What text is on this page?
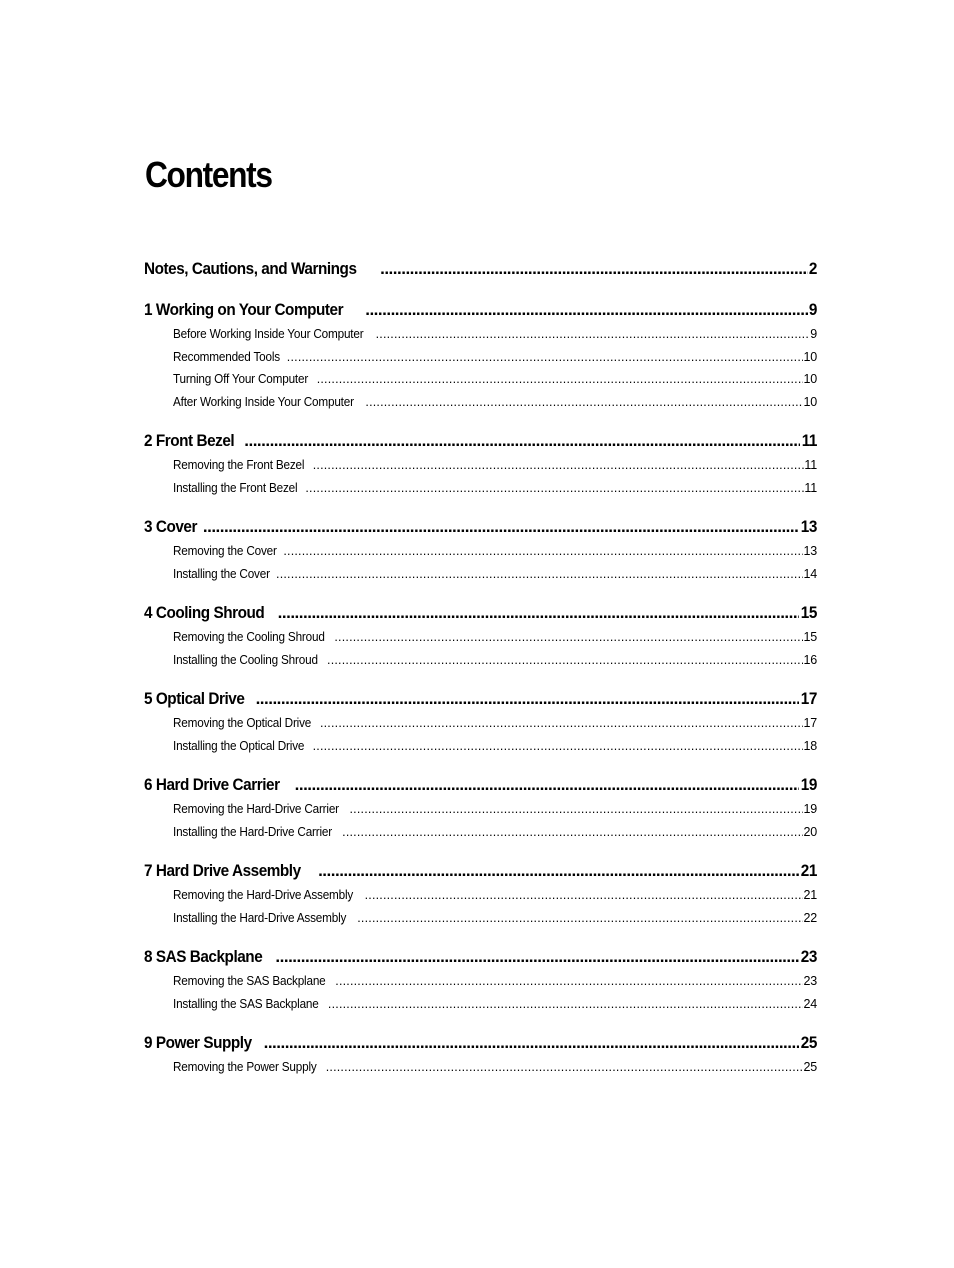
Contents
Notes, Cautions, and Warnings .....	2
1 Working on Your Computer .....	9
Before Working Inside Your Computer .....	9
Recommended Tools .....	10
Turning Off Your Computer .....	10
After Working Inside Your Computer .....	10
2 Front Bezel .....	11
Removing the Front Bezel .....	11
Installing the Front Bezel .....	11
3 Cover .....	13
Removing the Cover .....	13
Installing the Cover .....	14
4 Cooling Shroud .....	15
Removing the Cooling Shroud .....	15
Installing the Cooling Shroud .....	16
5 Optical Drive .....	17
Removing the Optical Drive .....	17
Installing the Optical Drive .....	18
6 Hard Drive Carrier .....	19
Removing the Hard-Drive Carrier .....	19
Installing the Hard-Drive Carrier .....	20
7 Hard Drive Assembly .....	21
Removing the Hard-Drive Assembly .....	21
Installing the Hard-Drive Assembly .....	22
8 SAS Backplane .....	23
Removing the SAS Backplane .....	23
Installing the SAS Backplane .....	24
9 Power Supply .....	25
Removing the Power Supply .....	25
